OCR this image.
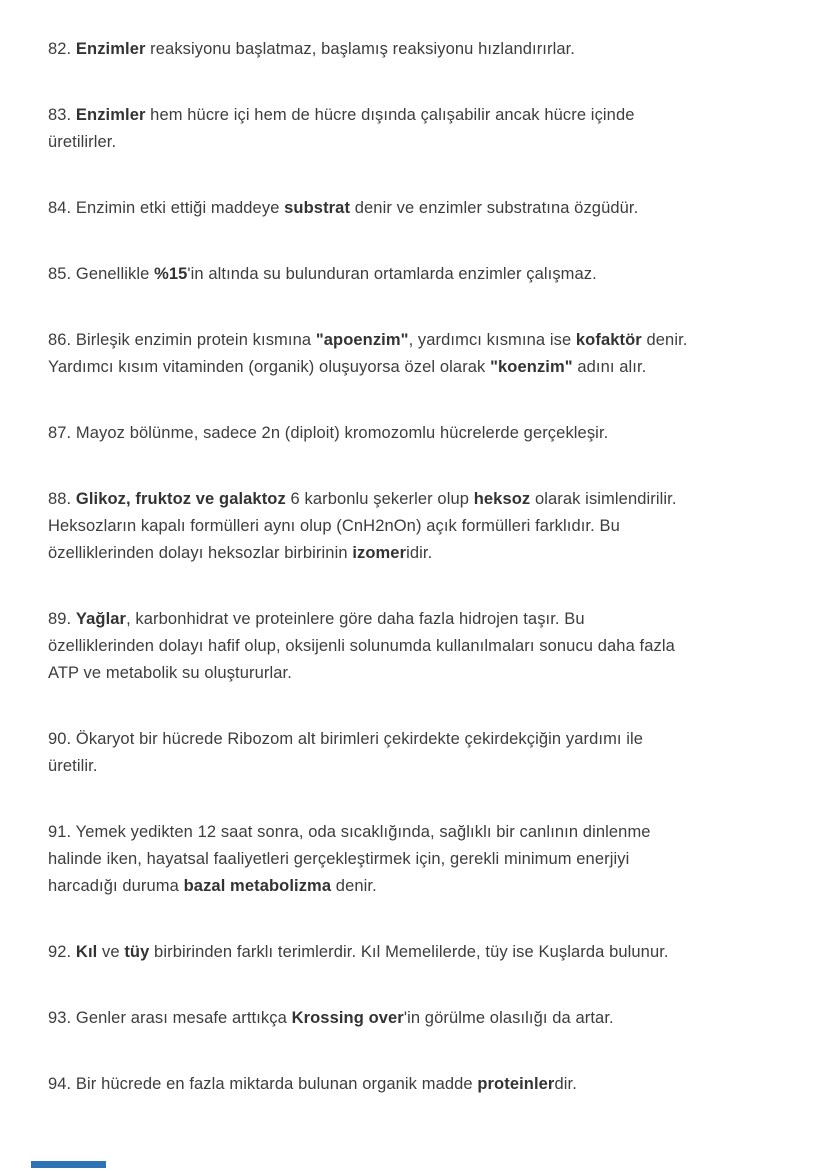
82. Enzimler reaksiyonu başlatmaz, başlamış reaksiyonu hızlandırırlar.
83. Enzimler hem hücre içi hem de hücre dışında çalışabilir ancak hücre içinde
üretilirler.
84. Enzimin etki ettiği maddeye substrat denir ve enzimler substratına özgüdür.
85. Genellikle %15'in altında su bulunduran ortamlarda enzimler çalışmaz.
86. Birleşik enzimin protein kısmına "apoenzim", yardımcı kısmına ise kofaktör denir.
Yardımcı kısım vitaminden (organik) oluşuyorsa özel olarak "koenzim" adını alır.
87. Mayoz bölünme, sadece 2n (diploit) kromozomlu hücrelerde gerçekleşir.
88. Glikoz, fruktoz ve galaktoz 6 karbonlu şekerler olup heksoz olarak isimlendirilir.
Heksozların kapalı formülleri aynı olup (CnH2nOn) açık formülleri farklıdır. Bu
özelliklerinden dolayı heksozlar birbirinin izomeridir.
89. Yağlar, karbonhidrat ve proteinlere göre daha fazla hidrojen taşır. Bu
özelliklerinden dolayı hafif olup, oksijenli solunumda kullanılmaları sonucu daha fazla
ATP ve metabolik su oluştururlar.
90. Ökaryot bir hücrede Ribozom alt birimleri çekirdekte çekirdekçiğin yardımı ile
üretilir.
91. Yemek yedikten 12 saat sonra, oda sıcaklığında, sağlıklı bir canlının dinlenme
halinde iken, hayatsal faaliyetleri gerçekleştirmek için, gerekli minimum enerjiyi
harcadığı duruma bazal metabolizma denir.
92. Kıl ve tüy birbirinden farklı terimlerdir. Kıl Memelilerde, tüy ise Kuşlarda bulunur.
93. Genler arası mesafe arttıkça Krossing over'in görülme olasılığı da artar.
94. Bir hücrede en fazla miktarda bulunan organik madde proteinlerdir.
